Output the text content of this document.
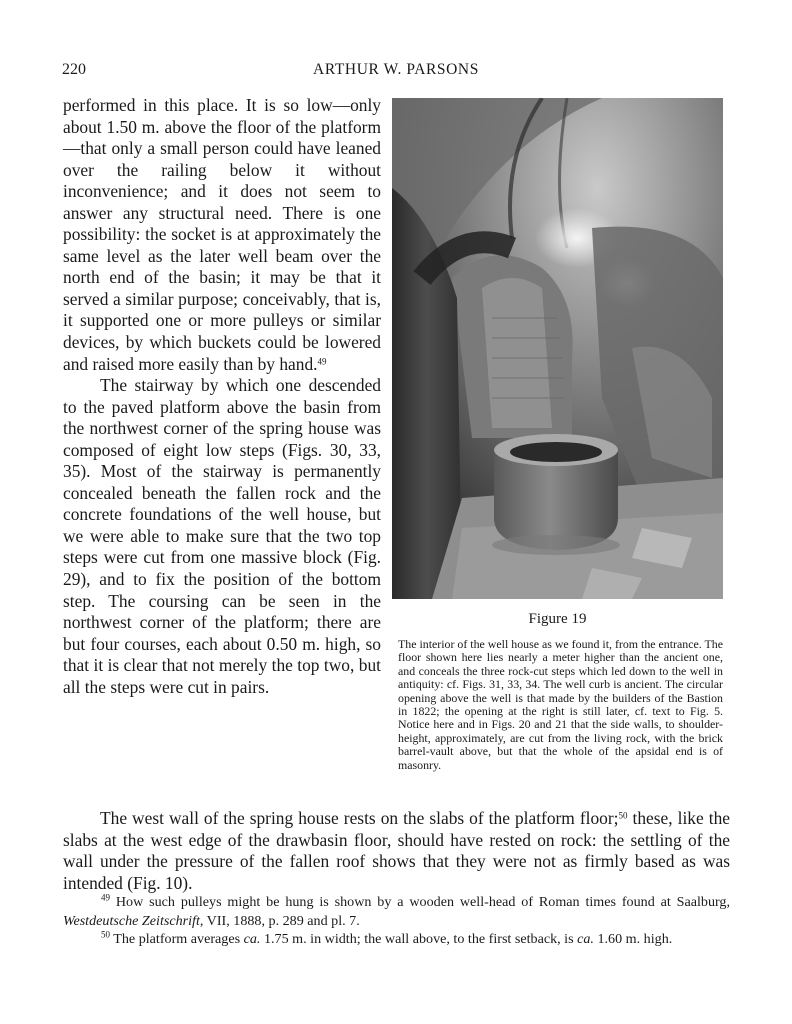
220	ARTHUR W. PARSONS

performed in this place. It is so low—only about 1.50 m. above the floor of the platform—that only a small person could have leaned over the railing below it without inconvenience; and it does not seem to answer any structural need. There is one possibility: the socket is at approximately the same level as the later well beam over the north end of the basin; it may be that it served a similar purpose; conceivably, that is, it supported one or more pulleys or similar devices, by which buckets could be lowered and raised more easily than by hand.$^{49}$

The stairway by which one descended to the paved platform above the basin from the northwest corner of the spring house was composed of eight low steps (Figs. 30, 33, 35). Most of the stairway is permanently concealed beneath the fallen rock and the concrete foundations of the well house, but we were able to make sure that the two top steps were cut from one massive block (Fig. 29), and to fix the position of the bottom step. The coursing can be seen in the northwest corner of the platform; there are but four courses, each about 0.50 m. high, so that it is clear that not merely the top two, but all the steps were cut in pairs.

The west wall of the spring house rests on the slabs of the platform floor;$^{50}$ these, like the slabs at the west edge of the drawbasin floor, should have rested on rock: the settling of the wall under the pressure of the fallen roof shows that they were not as firmly based as was intended (Fig. 10).

Figure 19

The interior of the well house as we found it, from the entrance. The floor shown here lies nearly a meter higher than the ancient one, and conceals the three rock-cut steps which led down to the well in antiquity: cf. Figs. 31, 33, 34. The well curb is ancient. The circular opening above the well is that made by the builders of the Bastion in 1822; the opening at the right is still later, cf. text to Fig. 5. Notice here and in Figs. 20 and 21 that the side walls, to shoulder-height, approximately, are cut from the living rock, with the brick barrel-vault above, but that the whole of the apsidal end is of masonry.

$^{49}$ How such pulleys might be hung is shown by a wooden well-head of Roman times found at Saalburg, Westdeutsche Zeitschrift, VII, 1888, p. 289 and pl. 7.

$^{50}$ The platform averages ca. 1.75 m. in width; the wall above, to the first setback, is ca. 1.60 m. high.
